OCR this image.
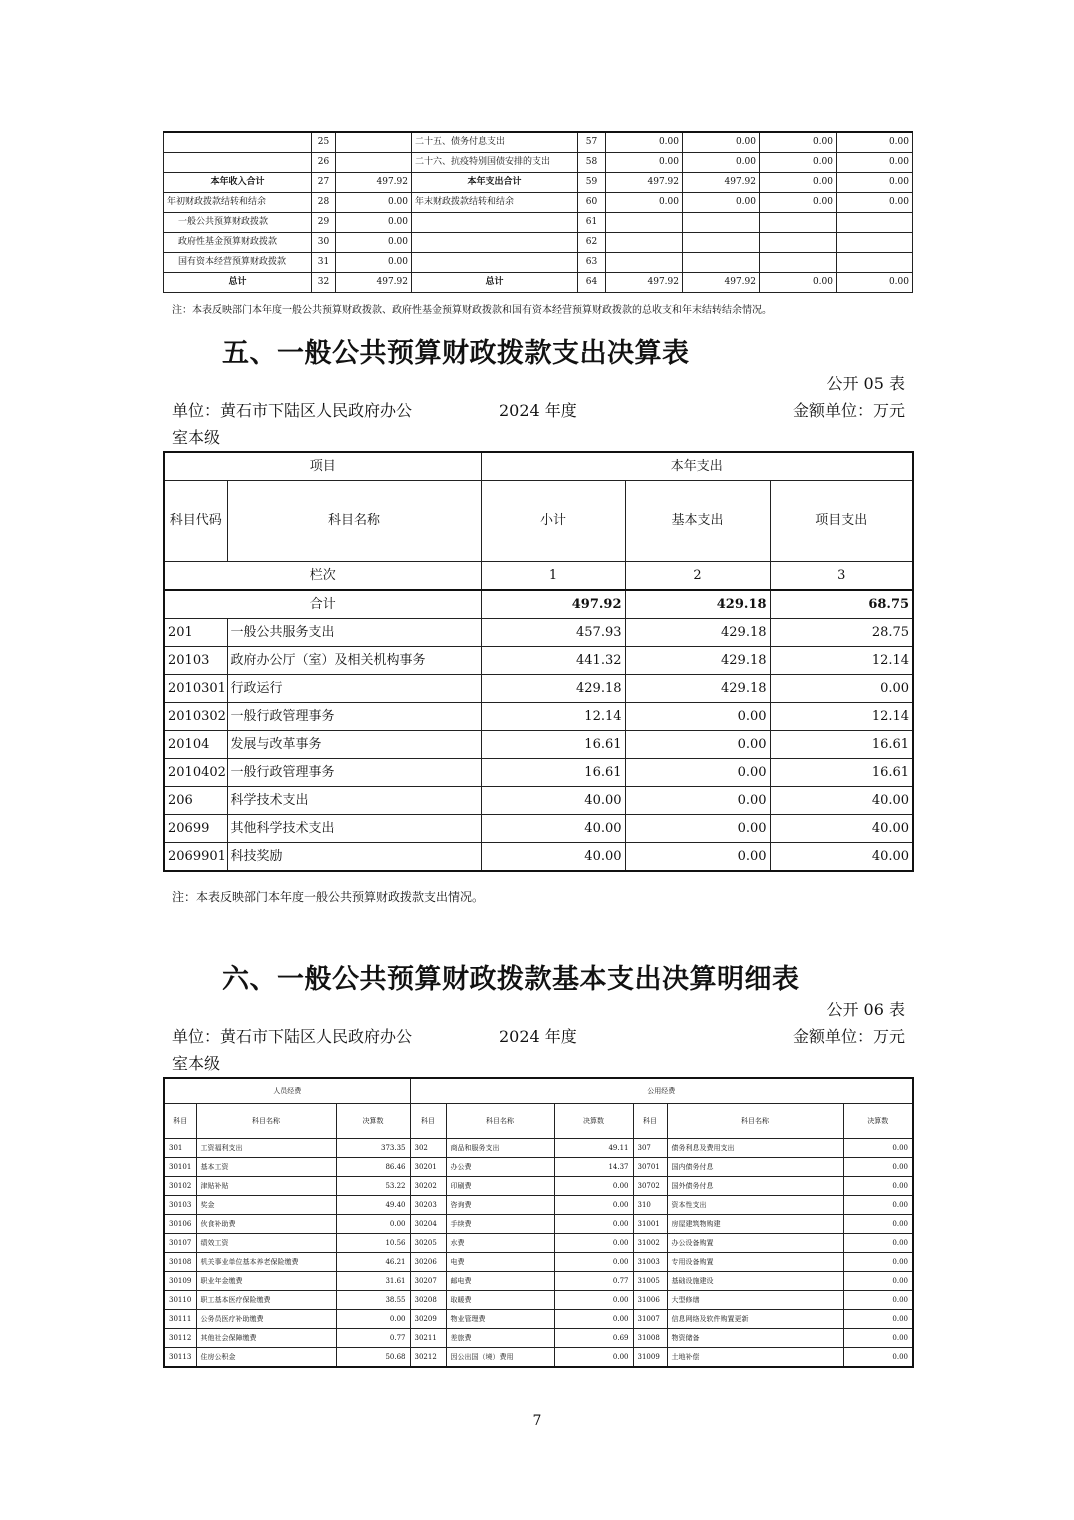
	25		二十五、债务付息支出	57	0.00	0.00	0.00	0.00
	26		二十六、抗疫特别国债安排的支出	58	0.00	0.00	0.00	0.00
本年收入合计	27	497.92	本年支出合计	59	497.92	497.92	0.00	0.00
年初财政拨款结转和结余	28	0.00	年末财政拨款结转和结余	60	0.00	0.00	0.00	0.00
一般公共预算财政拨款	29	0.00		61				
政府性基金预算财政拨款	30	0.00		62				
国有资本经营预算财政拨款	31	0.00		63				
总计	32	497.92	总计	64	497.92	497.92	0.00	0.00
注：本表反映部门本年度一般公共预算财政拨款、政府性基金预算财政拨款和国有资本经营预算财政拨款的总收支和年末结转结余情况。
五、一般公共预算财政拨款支出决算表
公开 05 表
单位：黄石市下陆区人民政府办公
室本级
2024 年度	金额单位：万元
项目		本年支出		
科目代码	科目名称	小计	基本支出	项目支出
栏次		1	2	3
合计		497.92	429.18	68.75
201	一般公共服务支出	457.93	429.18	28.75
20103	政府办公厅（室）及相关机构事务	441.32	429.18	12.14
2010301	行政运行	429.18	429.18	0.00
2010302	一般行政管理事务	12.14	0.00	12.14
20104	发展与改革事务	16.61	0.00	16.61
2010402	一般行政管理事务	16.61	0.00	16.61
206	科学技术支出	40.00	0.00	40.00
20699	其他科学技术支出	40.00	0.00	40.00
2069901	科技奖励	40.00	0.00	40.00
注：本表反映部门本年度一般公共预算财政拨款支出情况。
六、一般公共预算财政拨款基本支出决算明细表
公开 06 表
单位：黄石市下陆区人民政府办公
室本级
2024 年度	金额单位：万元
人员经费			公用经费					
科目	科目名称	决算数	科目	科目名称	决算数	科目	科目名称	决算数
301	工资福利支出	373.35	302	商品和服务支出	49.11	307	债务利息及费用支出	0.00
30101	基本工资	86.46	30201	办公费	14.37	30701	国内债务付息	0.00
30102	津贴补贴	53.22	30202	印刷费	0.00	30702	国外债务付息	0.00
30103	奖金	49.40	30203	咨询费	0.00	310	资本性支出	0.00
30106	伙食补助费	0.00	30204	手续费	0.00	31001	房屋建筑物购建	0.00
30107	绩效工资	10.56	30205	水费	0.00	31002	办公设备购置	0.00
30108	机关事业单位基本养老保险缴费	46.21	30206	电费	0.00	31003	专用设备购置	0.00
30109	职业年金缴费	31.61	30207	邮电费	0.77	31005	基础设施建设	0.00
30110	职工基本医疗保险缴费	38.55	30208	取暖费	0.00	31006	大型修缮	0.00
30111	公务员医疗补助缴费	0.00	30209	物业管理费	0.00	31007	信息网络及软件购置更新	0.00
30112	其他社会保障缴费	0.77	30211	差旅费	0.69	31008	物资储备	0.00
30113	住房公积金	50.68	30212	因公出国（境）费用	0.00	31009	土地补偿	0.00
7
